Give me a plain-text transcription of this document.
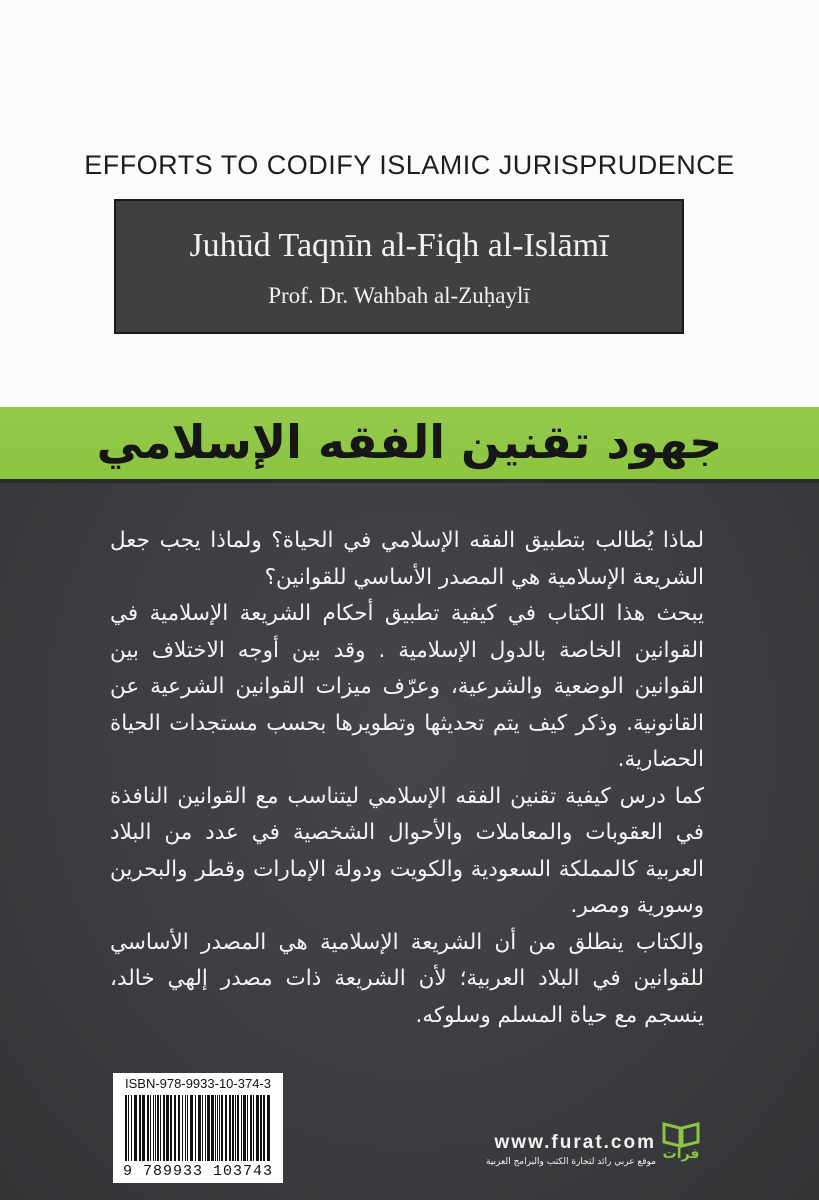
EFFORTS TO CODIFY ISLAMIC JURISPRUDENCE
Juhūd Taqnīn al-Fiqh al-Islāmī
Prof. Dr. Wahbah al-Zuḥaylī
جهود تقنين الفقه الإسلامي

لماذا يُطالب بتطبيق الفقه الإسلامي في الحياة؟ ولماذا يجب جعل الشريعة الإسلامية هي المصدر الأساسي للقوانين؟

يبحث هذا الكتاب في كيفية تطبيق أحكام الشريعة الإسلامية في القوانين الخاصة بالدول الإسلامية . وقد بين أوجه الاختلاف بين القوانين الوضعية والشرعية، وعرّف ميزات القوانين الشرعية عن القانونية. وذكر كيف يتم تحديثها وتطويرها بحسب مستجدات الحياة الحضارية.

كما درس كيفية تقنين الفقه الإسلامي ليتناسب مع القوانين النافذة في العقوبات والمعاملات والأحوال الشخصية في عدد من البلاد العربية كالمملكة السعودية والكويت ودولة الإمارات وقطر والبحرين وسورية ومصر.

والكتاب ينطلق من أن الشريعة الإسلامية هي المصدر الأساسي للقوانين في البلاد العربية؛ لأن الشريعة ذات مصدر إلهي خالد، ينسجم مع حياة المسلم وسلوكه.

ISBN-978-9933-10-374-3
9 789933 103743
www.furat.com
موقع عربي رائد لتجارة الكتب والبرامج العربية فرات
